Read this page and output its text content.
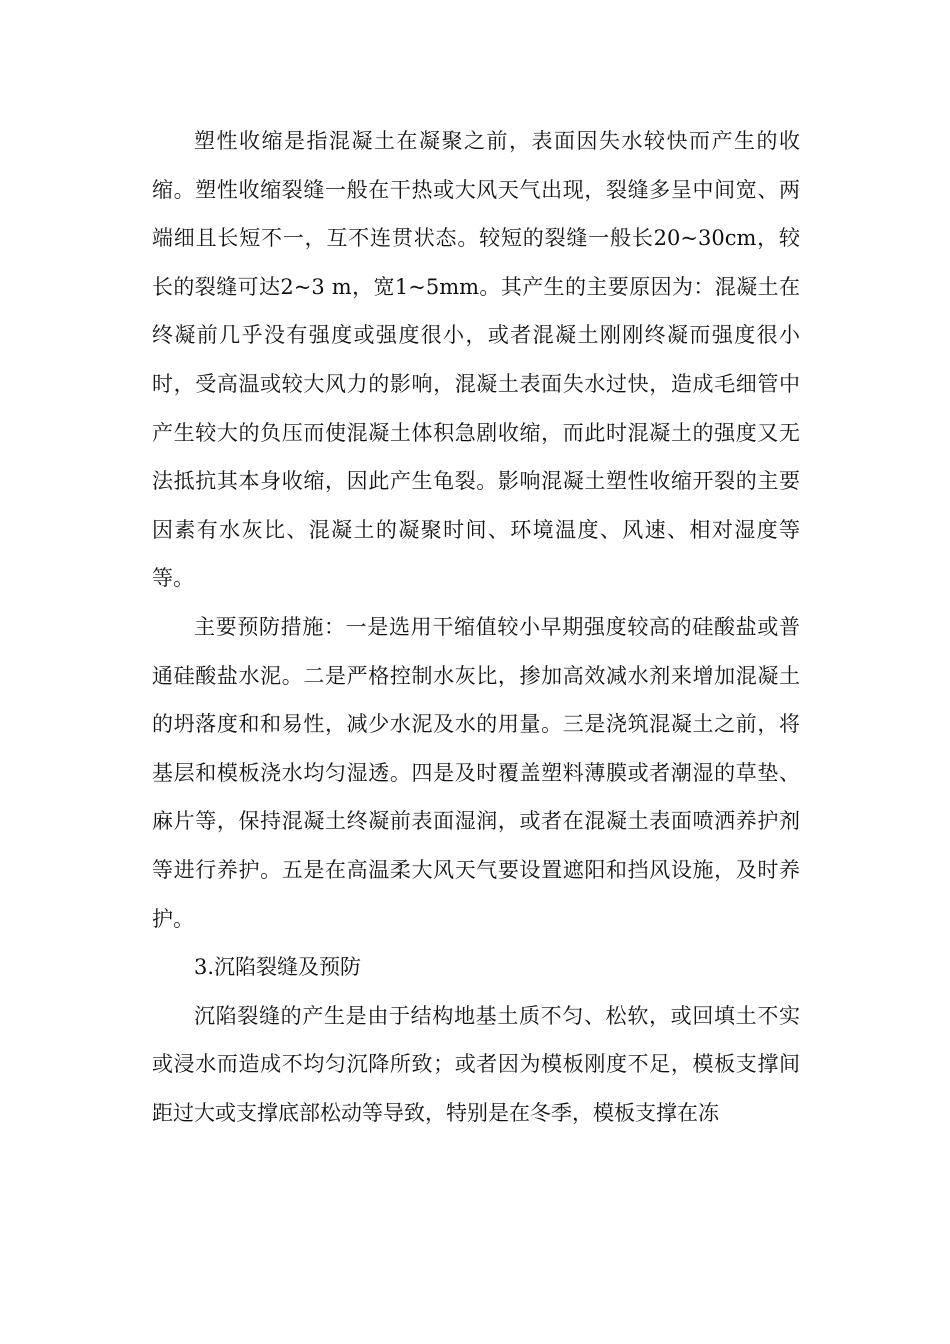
塑性收缩是指混凝土在凝聚之前，表面因失水较快而产生的收缩。塑性收缩裂缝一般在干热或大风天气出现，裂缝多呈中间宽、两端细且长短不一，互不连贯状态。较短的裂缝一般长20~30cm，较长的裂缝可达2~3 m，宽1~5mm。其产生的主要原因为：混凝土在终凝前几乎没有强度或强度很小，或者混凝土刚刚终凝而强度很小时，受高温或较大风力的影响，混凝土表面失水过快，造成毛细管中产生较大的负压而使混凝土体积急剧收缩，而此时混凝土的强度又无法抵抗其本身收缩，因此产生龟裂。影响混凝土塑性收缩开裂的主要因素有水灰比、混凝土的凝聚时间、环境温度、风速、相对湿度等等。

主要预防措施：一是选用干缩值较小早期强度较高的硅酸盐或普通硅酸盐水泥。二是严格控制水灰比，掺加高效减水剂来增加混凝土的坍落度和和易性，减少水泥及水的用量。三是浇筑混凝土之前，将基层和模板浇水均匀湿透。四是及时覆盖塑料薄膜或者潮湿的草垫、麻片等，保持混凝土终凝前表面湿润，或者在混凝土表面喷洒养护剂等进行养护。五是在高温柔大风天气要设置遮阳和挡风设施，及时养护。

3.沉陷裂缝及预防

沉陷裂缝的产生是由于结构地基土质不匀、松软，或回填土不实或浸水而造成不均匀沉降所致；或者因为模板刚度不足，模板支撑间距过大或支撑底部松动等导致，特别是在冬季，模板支撑在冻
